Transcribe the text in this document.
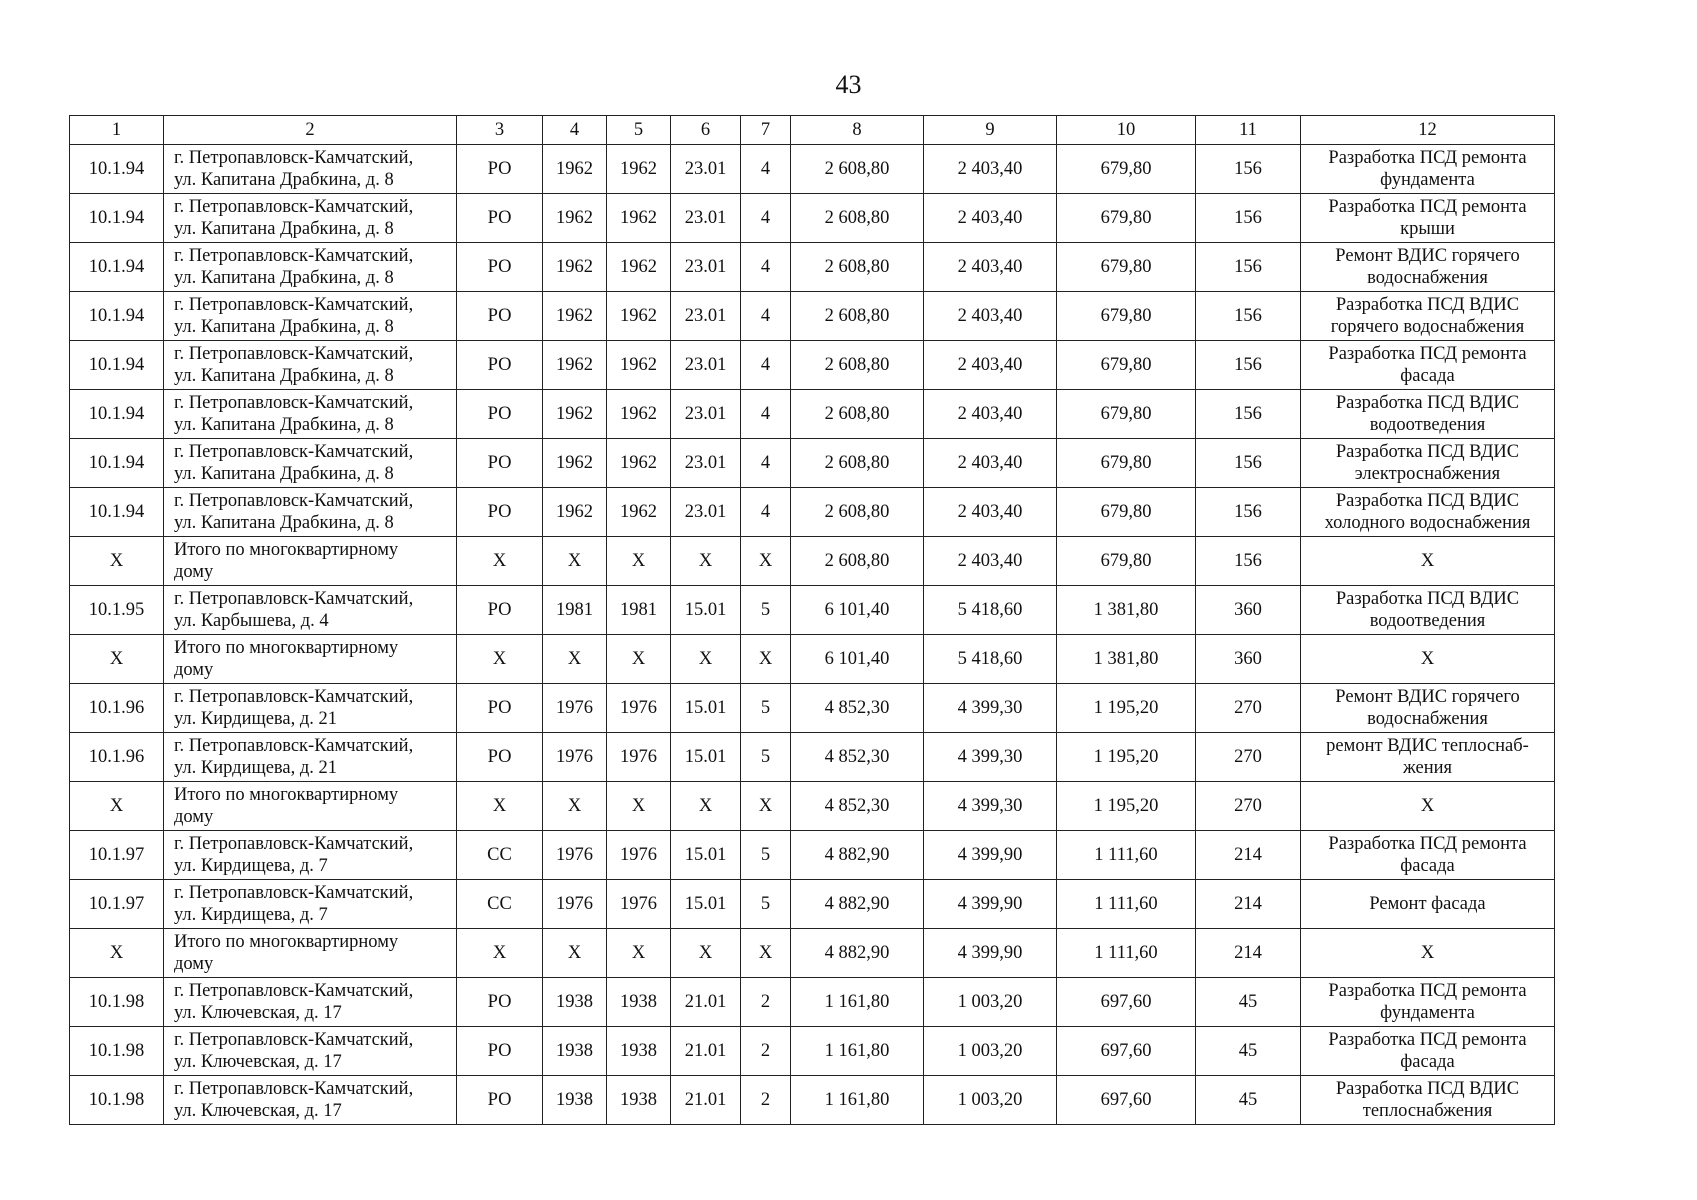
43
1	2	3	4	5	6	7	8	9	10	11	12
10.1.94	г. Петропавловск-Камчатский,
ул. Капитана Драбкина, д. 8	РО	1962	1962	23.01	4	2 608,80	2 403,40	679,80	156	Разработка ПСД ремонта
фундамента

10.1.94	г. Петропавловск-Камчатский,
ул. Капитана Драбкина, д. 8	РО	1962	1962	23.01	4	2 608,80	2 403,40	679,80	156	Разработка ПСД ремонта
крыши

10.1.94	г. Петропавловск-Камчатский,
ул. Капитана Драбкина, д. 8	РО	1962	1962	23.01	4	2 608,80	2 403,40	679,80	156	Ремонт ВДИС горячего
водоснабжения

10.1.94	г. Петропавловск-Камчатский,
ул. Капитана Драбкина, д. 8	РО	1962	1962	23.01	4	2 608,80	2 403,40	679,80	156	Разработка ПСД ВДИС
горячего водоснабжения

10.1.94	г. Петропавловск-Камчатский,
ул. Капитана Драбкина, д. 8	РО	1962	1962	23.01	4	2 608,80	2 403,40	679,80	156	Разработка ПСД ремонта
фасада

10.1.94	г. Петропавловск-Камчатский,
ул. Капитана Драбкина, д. 8	РО	1962	1962	23.01	4	2 608,80	2 403,40	679,80	156	Разработка ПСД ВДИС
водоотведения

10.1.94	г. Петропавловск-Камчатский,
ул. Капитана Драбкина, д. 8	РО	1962	1962	23.01	4	2 608,80	2 403,40	679,80	156	Разработка ПСД ВДИС
электроснабжения

10.1.94	г. Петропавловск-Камчатский,
ул. Капитана Драбкина, д. 8	РО	1962	1962	23.01	4	2 608,80	2 403,40	679,80	156	Разработка ПСД ВДИС
холодного водоснабжения

Х	Итого по многоквартирному
дому	Х	Х	Х	Х	Х	2 608,80	2 403,40	679,80	156	Х

10.1.95	г. Петропавловск-Камчатский,
ул. Карбышева, д. 4	РО	1981	1981	15.01	5	6 101,40	5 418,60	1 381,80	360	Разработка ПСД ВДИС
водоотведения

Х	Итого по многоквартирному
дому	Х	Х	Х	Х	Х	6 101,40	5 418,60	1 381,80	360	Х

10.1.96	г. Петропавловск-Камчатский,
ул. Кирдищева, д. 21	РО	1976	1976	15.01	5	4 852,30	4 399,30	1 195,20	270	Ремонт ВДИС горячего
водоснабжения

10.1.96	г. Петропавловск-Камчатский,
ул. Кирдищева, д. 21	РО	1976	1976	15.01	5	4 852,30	4 399,30	1 195,20	270	ремонт ВДИС теплоснаб-
жения

Х	Итого по многоквартирному
дому	Х	Х	Х	Х	Х	4 852,30	4 399,30	1 195,20	270	Х

10.1.97	г. Петропавловск-Камчатский,
ул. Кирдищева, д. 7	СС	1976	1976	15.01	5	4 882,90	4 399,90	1 111,60	214	Разработка ПСД ремонта
фасада

10.1.97	г. Петропавловск-Камчатский,
ул. Кирдищева, д. 7	СС	1976	1976	15.01	5	4 882,90	4 399,90	1 111,60	214	Ремонт фасада

Х	Итого по многоквартирному
дому	Х	Х	Х	Х	Х	4 882,90	4 399,90	1 111,60	214	Х

10.1.98	г. Петропавловск-Камчатский,
ул. Ключевская, д. 17	РО	1938	1938	21.01	2	1 161,80	1 003,20	697,60	45	Разработка ПСД ремонта
фундамента

10.1.98	г. Петропавловск-Камчатский,
ул. Ключевская, д. 17	РО	1938	1938	21.01	2	1 161,80	1 003,20	697,60	45	Разработка ПСД ремонта
фасада

10.1.98	г. Петропавловск-Камчатский,
ул. Ключевская, д. 17	РО	1938	1938	21.01	2	1 161,80	1 003,20	697,60	45	Разработка ПСД ВДИС
теплоснабжения
